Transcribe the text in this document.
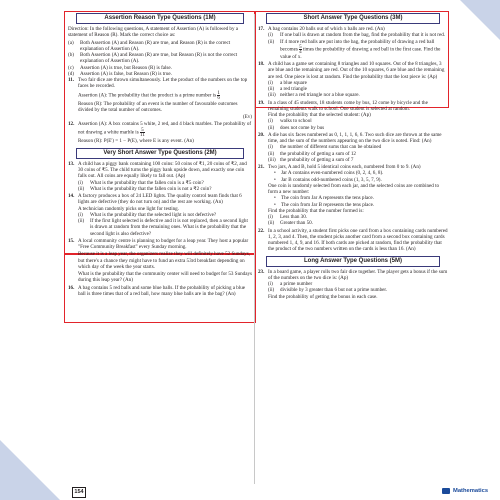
Assertion Reason Type Questions (1M)
Direction: In the following questions, A statement of Assertion (A) is followed by a statement of Reason (R). Mark the correct choice as:
(a)	Both Assertion (A) and Reason (R) are true, and Reason (R) is the correct explanation of Assertion (A).
(b)	Both Assertion (A) and Reason (R) are true, but Reason (R) is not the correct explanation of Assertion (A).
(c)	Assertion (A) is true, but Reason (R) is false.
(d)	Assertion (A) is false, but Reason (R) is true.
11. Two fair dice are thrown simultaneously. Let the product of the numbers on the top faces be recorded.
Assertion (A): The probability that the product is a prime number is $\frac{1}{6}$
Reason (R): The probability of an event is the number of favourable outcomes divided by the total number of outcomes.
(Ev)
12. Assertion (A): A box contains 5 white, 2 red, and 4 black marbles. The probability of not drawing a white marble is $\frac{5}{11}$
Reason (R): P(E') = 1 − P(E), where E is any event. (An)
Very Short Answer Type Questions (2M)
13. A child has a piggy bank containing 100 coins: 50 coins of ₹1, 20 coins of ₹2, and 30 coins of ₹5. The child turns the piggy bank upside down, and exactly one coin falls out. All coins are equally likely to fall out. (Ap)
(i)	What is the probability that the fallen coin is a ₹5 coin?
(ii)	What is the probability that the fallen coin is not a ₹2 coin?
14. A factory produces a box of 24 LED lights. The quality control team finds that 6 lights are defective (they do not turn on) and the rest are working. (An)
A technician randomly picks one light for testing.
(i)	What is the probability that the selected light is not defective?
(ii)	If the first light selected is defective and it is not replaced, then a second light is drawn at random from the remaining ones. What is the probability that the second light is also defective?
15. A local community centre is planning to budget for a leap year. They host a popular "Free Community Breakfast" every Sunday morning.
Because it is a leap year, the organizers realize they will definitely have 52 Sundays, but there's a chance they might have to fund an extra 53rd breakfast depending on which day of the week the year starts.
What is the probability that the community center will need to budget for 53 Sundays during this leap year? (An)
16. A bag contains 5 red balls and some blue balls. If the probability of picking a blue ball is three times that of a red ball, how many blue balls are in the bag? (An)
Short Answer Type Questions (3M)
17. A bag contains 20 balls out of which x balls are red. (An)
(i)	If one ball is drawn at random from the bag, find the probability that it is not red.
(ii)	If 4 more red balls are put into the bag, the probability of drawing a red ball becomes $\frac{5}{4}$ times the probability of drawing a red ball in the first case. Find the value of x.
18. A child has a game set containing 8 triangles and 10 squares. Out of the 8 triangles, 3 are blue and the remaining are red. Out of the 10 squares, 6 are blue and the remaining are red. One piece is lost at random. Find the probability that the lost piece is: (Ap)
(i)	a blue square
(ii)	a red triangle
(iii) neither a red triangle nor a blue square.
19. In a class of 45 students, 18 students come by bus, 12 come by bicycle and the remaining students walk to school. One student is selected at random.
Find the probability that the selected student: (Ap)
(i)	walks to school
(ii)	does not come by bus
20. A die has six faces numbered as 0, 1, 1, 1, 6, 6. Two such dice are thrown at the same time, and the sum of the numbers appearing on the two dice is noted. Find: (An)
(i)	the number of different sums that can be obtained
(ii)	the probability of getting a sum of 12
(iii) the probability of getting a sum of 7
21. Two jars, A and B, hold 5 identical coins each, numbered from 0 to 9. (An)
•	Jar A contains even-numbered coins (0, 2, 4, 6, 8).
•	Jar B contains odd-numbered coins (1, 3, 5, 7, 9).
One coin is randomly selected from each jar, and the selected coins are combined to form a new number:
•	The coin from Jar A represents the tens place.
•	The coin from Jar B represents the tens place.
Find the probability that the number formed is:
(i)	Less than 30.
(ii)	Greater than 50.
22. In a school activity, a student first picks one card from a box containing cards numbered 1, 2, 3, and 4. Then, the student picks another card from a second box containing cards numbered 1, 4, 9, and 16. If both cards are picked at random, find the probability that the product of the two numbers written on the cards is less than 16. (An)
Long Answer Type Questions (5M)
23. In a board game, a player rolls two fair dice together. The player gets a bonus if the sum of the numbers on the two dice is: (Ap)
(i)	a prime number
(ii)	divisible by 3 greater than 6 but not a prime number.
Find the probability of getting the bonus in each case.
154	Mathematics
